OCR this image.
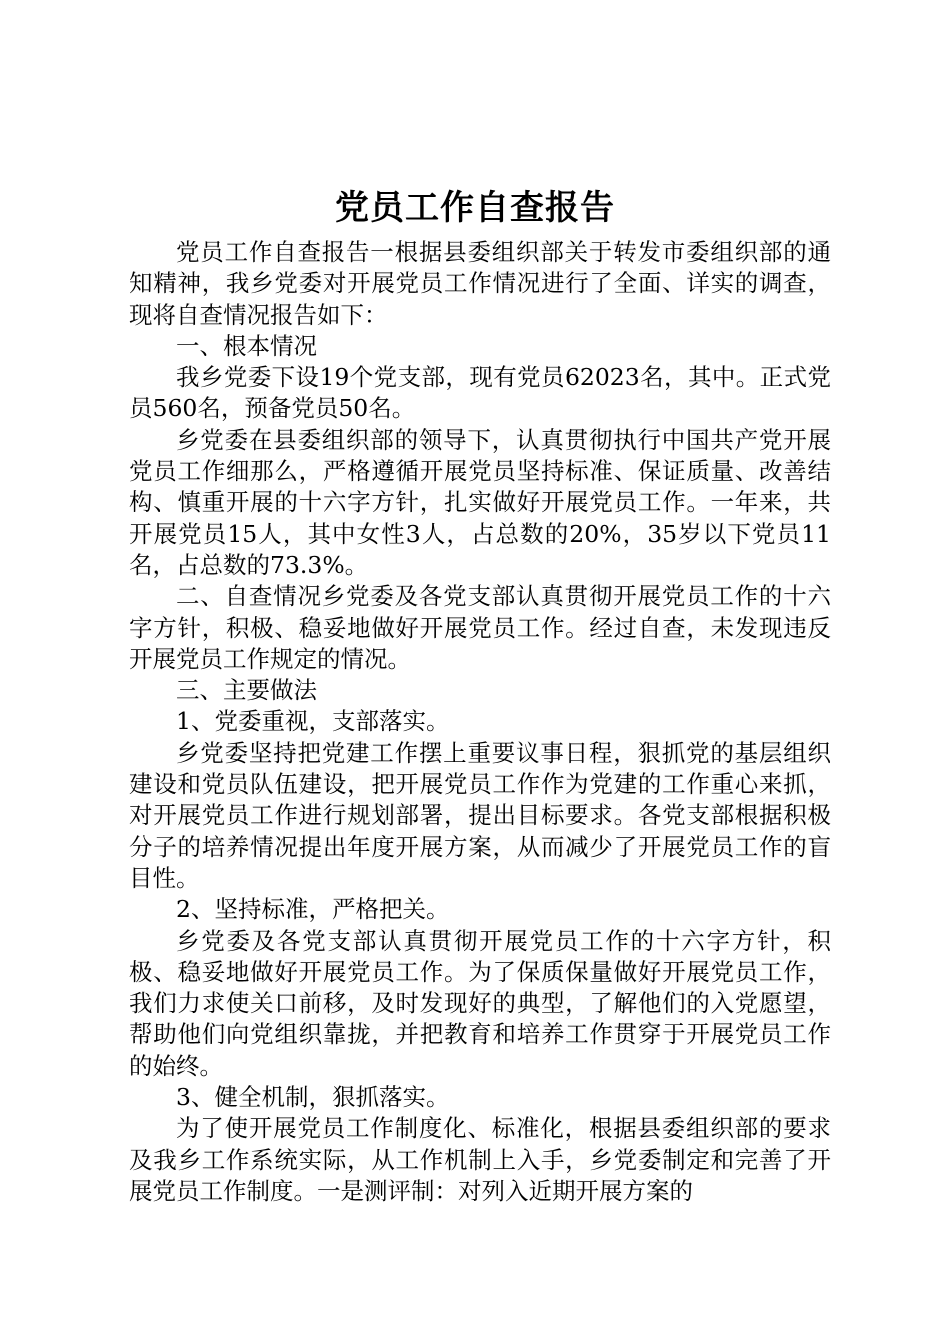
党员工作自查报告

党员工作自查报告一根据县委组织部关于转发市委组织部的通知精神，我乡党委对开展党员工作情况进行了全面、详实的调查，现将自查情况报告如下：

一、根本情况

我乡党委下设19个党支部，现有党员62023名，其中。正式党员560名，预备党员50名。

乡党委在县委组织部的领导下，认真贯彻执行中国共产党开展党员工作细那么，严格遵循开展党员坚持标准、保证质量、改善结构、慎重开展的十六字方针，扎实做好开展党员工作。一年来，共开展党员15人，其中女性3人，占总数的20%，35岁以下党员11名，占总数的73.3%。

二、自查情况乡党委及各党支部认真贯彻开展党员工作的十六字方针，积极、稳妥地做好开展党员工作。经过自查，未发现违反开展党员工作规定的情况。

三、主要做法

1、党委重视，支部落实。

乡党委坚持把党建工作摆上重要议事日程，狠抓党的基层组织建设和党员队伍建设，把开展党员工作作为党建的工作重心来抓，对开展党员工作进行规划部署，提出目标要求。各党支部根据积极分子的培养情况提出年度开展方案，从而减少了开展党员工作的盲目性。

2、坚持标准，严格把关。

乡党委及各党支部认真贯彻开展党员工作的十六字方针，积极、稳妥地做好开展党员工作。为了保质保量做好开展党员工作，我们力求使关口前移，及时发现好的典型，了解他们的入党愿望，帮助他们向党组织靠拢，并把教育和培养工作贯穿于开展党员工作的始终。

3、健全机制，狠抓落实。

为了使开展党员工作制度化、标准化，根据县委组织部的要求及我乡工作系统实际，从工作机制上入手，乡党委制定和完善了开展党员工作制度。一是测评制：对列入近期开展方案的
